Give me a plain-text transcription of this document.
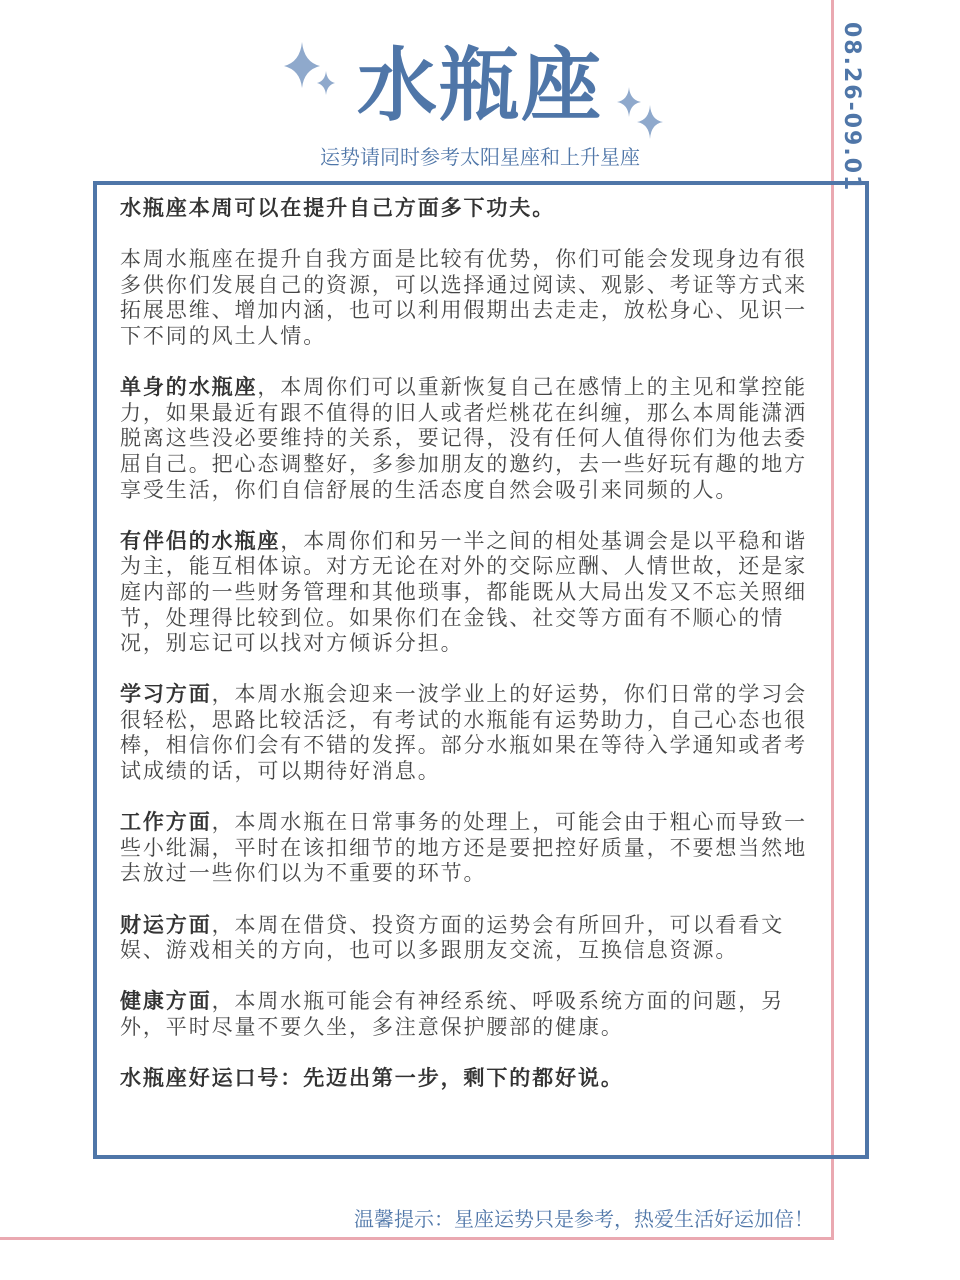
水瓶座
运势请同时参考太阳星座和上升星座	08.26-09.01

水瓶座本周可以在提升自己方面多下功夫。

本周水瓶座在提升自我方面是比较有优势，你们可能会发现身边有很多供你们发展自己的资源，可以选择通过阅读、观影、考证等方式来拓展思维、增加内涵，也可以利用假期出去走走，放松身心、见识一下不同的风土人情。

单身的水瓶座，本周你们可以重新恢复自己在感情上的主见和掌控能力，如果最近有跟不值得的旧人或者烂桃花在纠缠，那么本周能潇洒脱离这些没必要维持的关系，要记得，没有任何人值得你们为他去委屈自己。把心态调整好，多参加朋友的邀约，去一些好玩有趣的地方享受生活，你们自信舒展的生活态度自然会吸引来同频的人。

有伴侣的水瓶座，本周你们和另一半之间的相处基调会是以平稳和谐为主，能互相体谅。对方无论在对外的交际应酬、人情世故，还是家庭内部的一些财务管理和其他琐事，都能既从大局出发又不忘关照细节，处理得比较到位。如果你们在金钱、社交等方面有不顺心的情况，别忘记可以找对方倾诉分担。

学习方面，本周水瓶会迎来一波学业上的好运势，你们日常的学习会很轻松，思路比较活泛，有考试的水瓶能有运势助力，自己心态也很棒，相信你们会有不错的发挥。部分水瓶如果在等待入学通知或者考试成绩的话，可以期待好消息。

工作方面，本周水瓶在日常事务的处理上，可能会由于粗心而导致一些小纰漏，平时在该扣细节的地方还是要把控好质量，不要想当然地去放过一些你们以为不重要的环节。

财运方面，本周在借贷、投资方面的运势会有所回升，可以看看文娱、游戏相关的方向，也可以多跟朋友交流，互换信息资源。

健康方面，本周水瓶可能会有神经系统、呼吸系统方面的问题，另外，平时尽量不要久坐，多注意保护腰部的健康。

水瓶座好运口号：先迈出第一步，剩下的都好说。

温馨提示：星座运势只是参考，热爱生活好运加倍！
